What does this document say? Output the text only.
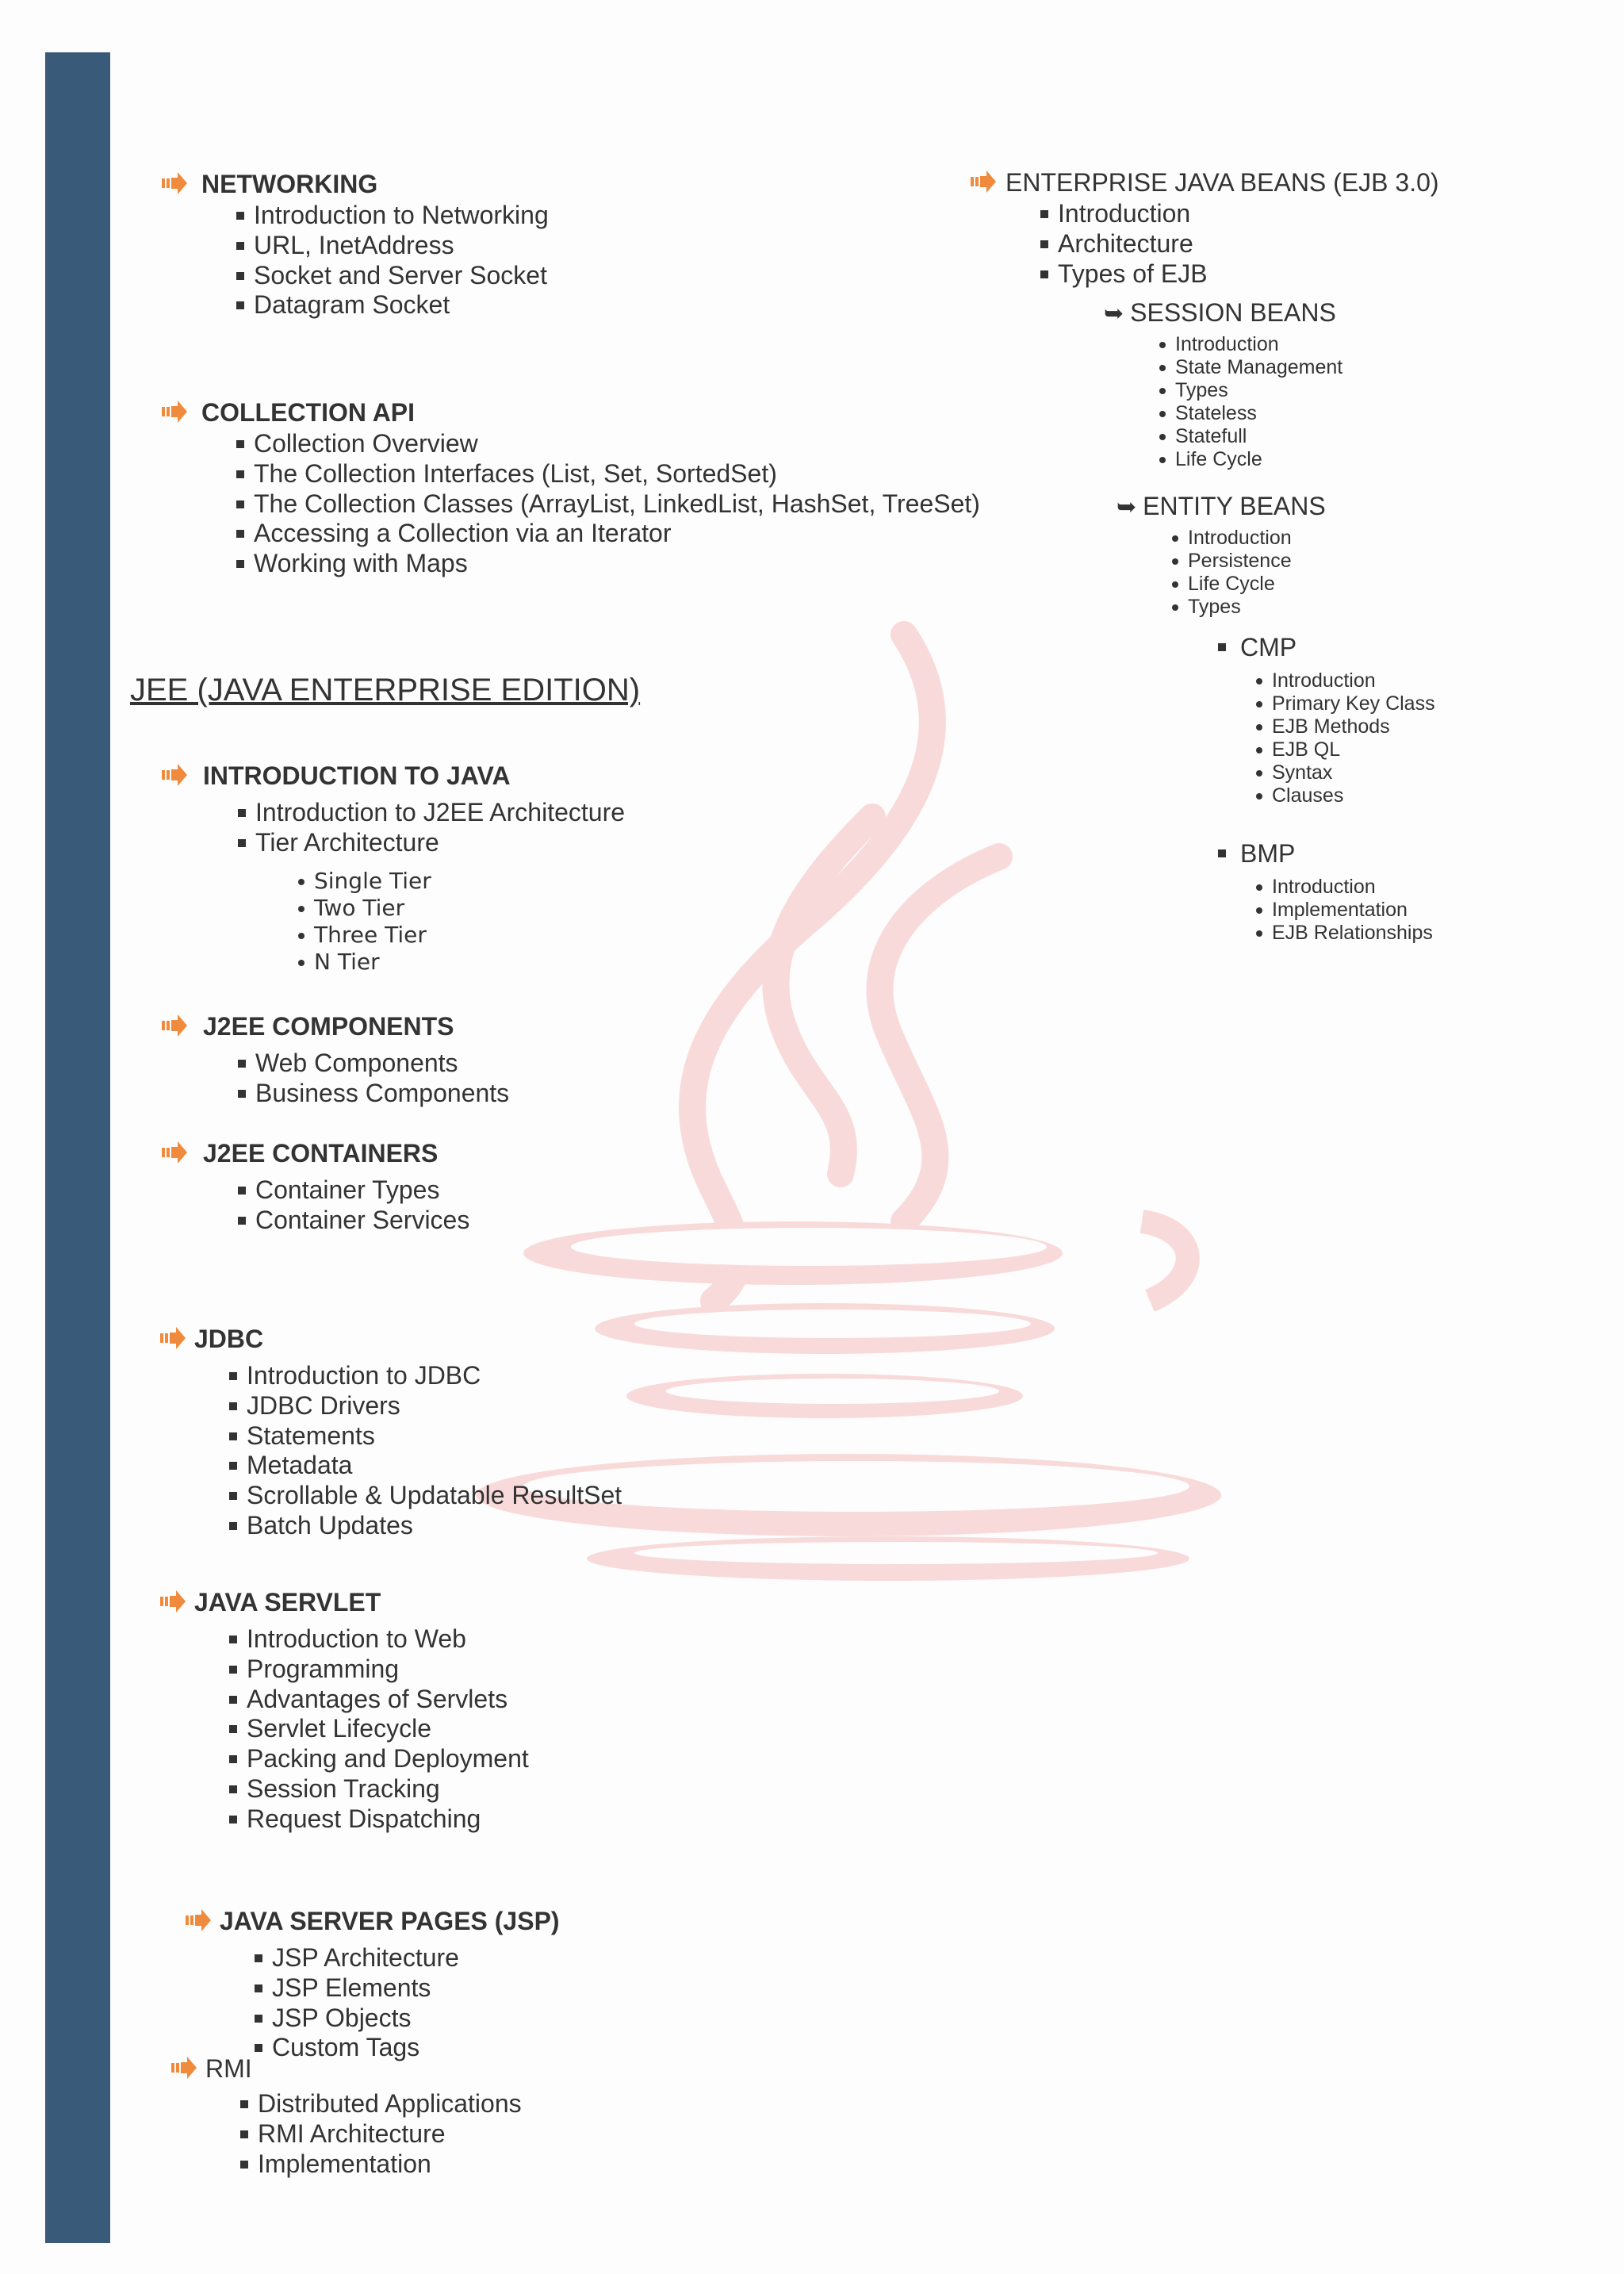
NETWORKING
Introduction to Networking
URL, InetAddress
Socket and Server Socket
Datagram Socket
COLLECTION API
Collection Overview
The Collection Interfaces (List, Set, SortedSet)
The Collection Classes (ArrayList, LinkedList, HashSet, TreeSet)
Accessing a Collection via an Iterator
Working with Maps
JEE (JAVA ENTERPRISE EDITION)
INTRODUCTION TO JAVA
Introduction to J2EE Architecture
Tier Architecture
Single Tier
Two Tier
Three Tier
N Tier
J2EE COMPONENTS
Web Components
Business Components
J2EE CONTAINERS
Container Types
Container Services
JDBC
Introduction to JDBC
JDBC Drivers
Statements
Metadata
Scrollable & Updatable ResultSet
Batch Updates
JAVA SERVLET
Introduction to Web
Programming
Advantages of Servlets
Servlet Lifecycle
Packing and Deployment
Session Tracking
Request Dispatching
JAVA SERVER PAGES (JSP)
JSP Architecture
JSP Elements
JSP Objects
Custom Tags
RMI
Distributed Applications
RMI Architecture
Implementation
ENTERPRISE JAVA BEANS (EJB 3.0)
Introduction
Architecture
Types of EJB
➥ SESSION BEANS
Introduction
State Management
Types
Stateless
Statefull
Life Cycle
➥ ENTITY BEANS
Introduction
Persistence
Life Cycle
Types
CMP
Introduction
Primary Key Class
EJB Methods
EJB QL
Syntax
Clauses
BMP
Introduction
Implementation
EJB Relationships
